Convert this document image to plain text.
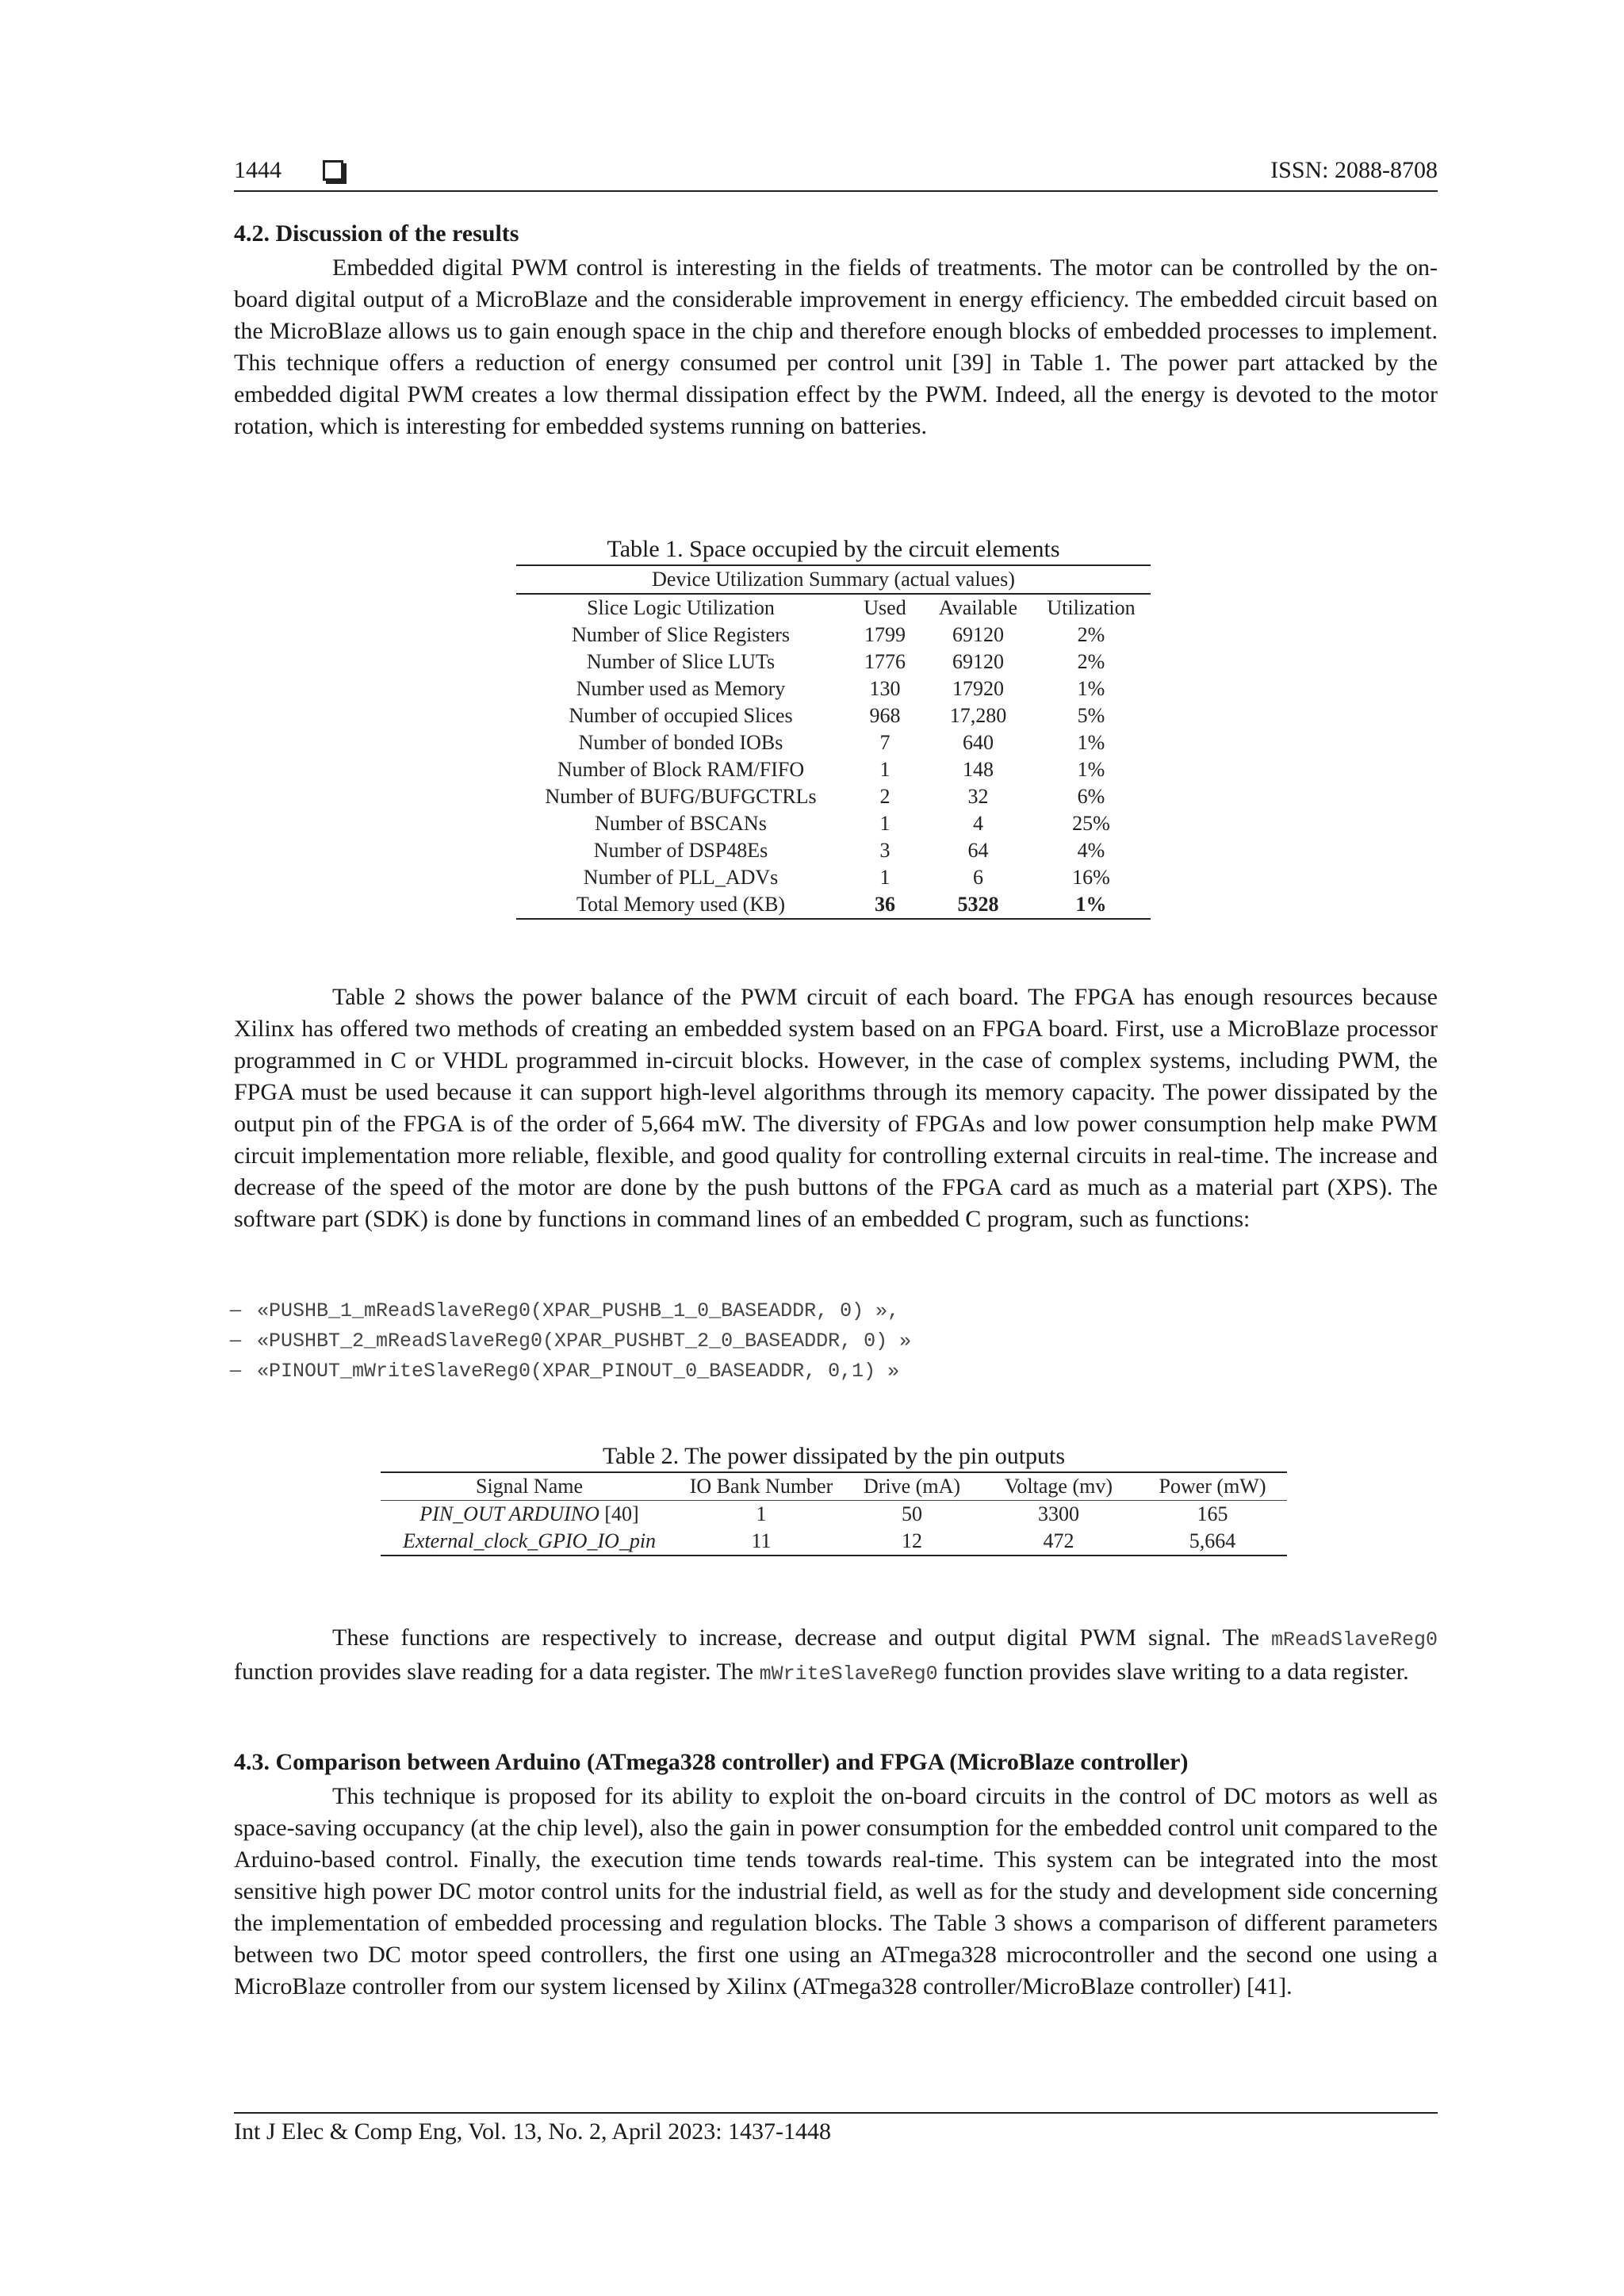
1444	ISSN: 2088-8708
4.2. Discussion of the results

Embedded digital PWM control is interesting in the fields of treatments. The motor can be controlled by the on-board digital output of a MicroBlaze and the considerable improvement in energy efficiency. The embedded circuit based on the MicroBlaze allows us to gain enough space in the chip and therefore enough blocks of embedded processes to implement. This technique offers a reduction of energy consumed per control unit [39] in Table 1. The power part attacked by the embedded digital PWM creates a low thermal dissipation effect by the PWM. Indeed, all the energy is devoted to the motor rotation, which is interesting for embedded systems running on batteries.

Table 1. Space occupied by the circuit elements
Device Utilization Summary (actual values)			
Slice Logic Utilization	Used	Available	Utilization
Number of Slice Registers	1799	69120	2%
Number of Slice LUTs	1776	69120	2%
Number used as Memory	130	17920	1%
Number of occupied Slices	968	17,280	5%
Number of bonded IOBs	7	640	1%
Number of Block RAM/FIFO	1	148	1%
Number of BUFG/BUFGCTRLs	2	32	6%
Number of BSCANs	1	4	25%
Number of DSP48Es	3	64	4%
Number of PLL_ADVs	1	6	16%
Total Memory used (KB)	36	5328	1%

Table 2 shows the power balance of the PWM circuit of each board. The FPGA has enough resources because Xilinx has offered two methods of creating an embedded system based on an FPGA board. First, use a MicroBlaze processor programmed in C or VHDL programmed in-circuit blocks. However, in the case of complex systems, including PWM, the FPGA must be used because it can support high-level algorithms through its memory capacity. The power dissipated by the output pin of the FPGA is of the order of 5,664 mW. The diversity of FPGAs and low power consumption help make PWM circuit implementation more reliable, flexible, and good quality for controlling external circuits in real-time. The increase and decrease of the speed of the motor are done by the push buttons of the FPGA card as much as a material part (XPS). The software part (SDK) is done by functions in command lines of an embedded C program, such as functions:

– «PUSHB_1_mReadSlaveReg0(XPAR_PUSHB_1_0_BASEADDR, 0) »,
– «PUSHBT_2_mReadSlaveReg0(XPAR_PUSHBT_2_0_BASEADDR, 0) »
– «PINOUT_mWriteSlaveReg0(XPAR_PINOUT_0_BASEADDR, 0,1) »
Table 2. The power dissipated by the pin outputs
Signal Name	IO Bank Number	Drive (mA)	Voltage (mv)	Power (mW)
PIN_OUT ARDUINO [40]	1	50	3300	165
External_clock_GPIO_IO_pin	11	12	472	5,664

These functions are respectively to increase, decrease and output digital PWM signal. The mReadSlaveReg0 function provides slave reading for a data register. The mWriteSlaveReg0 function provides slave writing to a data register.

4.3. Comparison between Arduino (ATmega328 controller) and FPGA (MicroBlaze controller)

This technique is proposed for its ability to exploit the on-board circuits in the control of DC motors as well as space-saving occupancy (at the chip level), also the gain in power consumption for the embedded control unit compared to the Arduino-based control. Finally, the execution time tends towards real-time. This system can be integrated into the most sensitive high power DC motor control units for the industrial field, as well as for the study and development side concerning the implementation of embedded processing and regulation blocks. The Table 3 shows a comparison of different parameters between two DC motor speed controllers, the first one using an ATmega328 microcontroller and the second one using a MicroBlaze controller from our system licensed by Xilinx (ATmega328 controller/MicroBlaze controller) [41].

Int J Elec & Comp Eng, Vol. 13, No. 2, April 2023: 1437-1448
